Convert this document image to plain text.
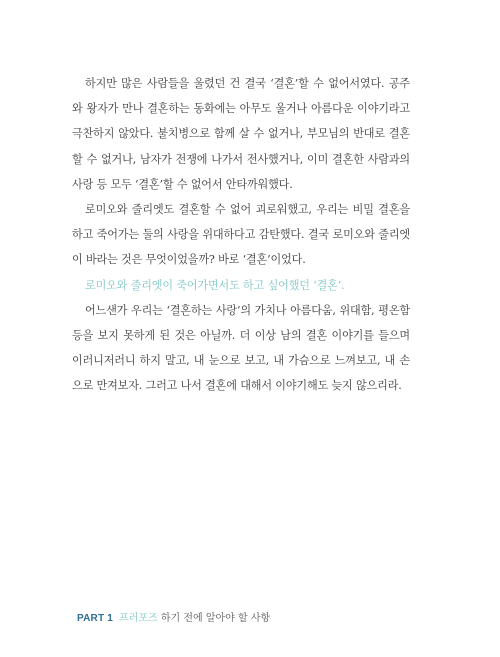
하지만 많은 사람들을 울렸던 건 결국 ‘결혼’할 수 없어서였다. 공주와 왕자가 만나 결혼하는 동화에는 아무도 울거나 아름다운 이야기라고 극찬하지 않았다. 불치병으로 함께 살 수 없거나, 부모님의 반대로 결혼할 수 없거나, 남자가 전쟁에 나가서 전사했거나, 이미 결혼한 사람과의 사랑 등 모두 ‘결혼’할 수 없어서 안타까워했다.

로미오와 줄리엣도 결혼할 수 없어 괴로워했고, 우리는 비밀 결혼을 하고 죽어가는 둘의 사랑을 위대하다고 감탄했다. 결국 로미오와 줄리엣이 바라는 것은 무엇이었을까? 바로 ‘결혼’이었다.

로미오와 줄리엣이 죽어가면서도 하고 싶어했던 ‘결혼’.

어느샌가 우리는 ‘결혼하는 사랑’의 가치나 아름다움, 위대함, 평온함 등을 보지 못하게 된 것은 아닐까. 더 이상 남의 결혼 이야기를 들으며 이러니저러니 하지 말고, 내 눈으로 보고, 내 가슴으로 느껴보고, 내 손으로 만져보자. 그러고 나서 결혼에 대해서 이야기해도 늦지 않으리라.

PART 1 프러포즈 하기 전에 알아야 할 사항
